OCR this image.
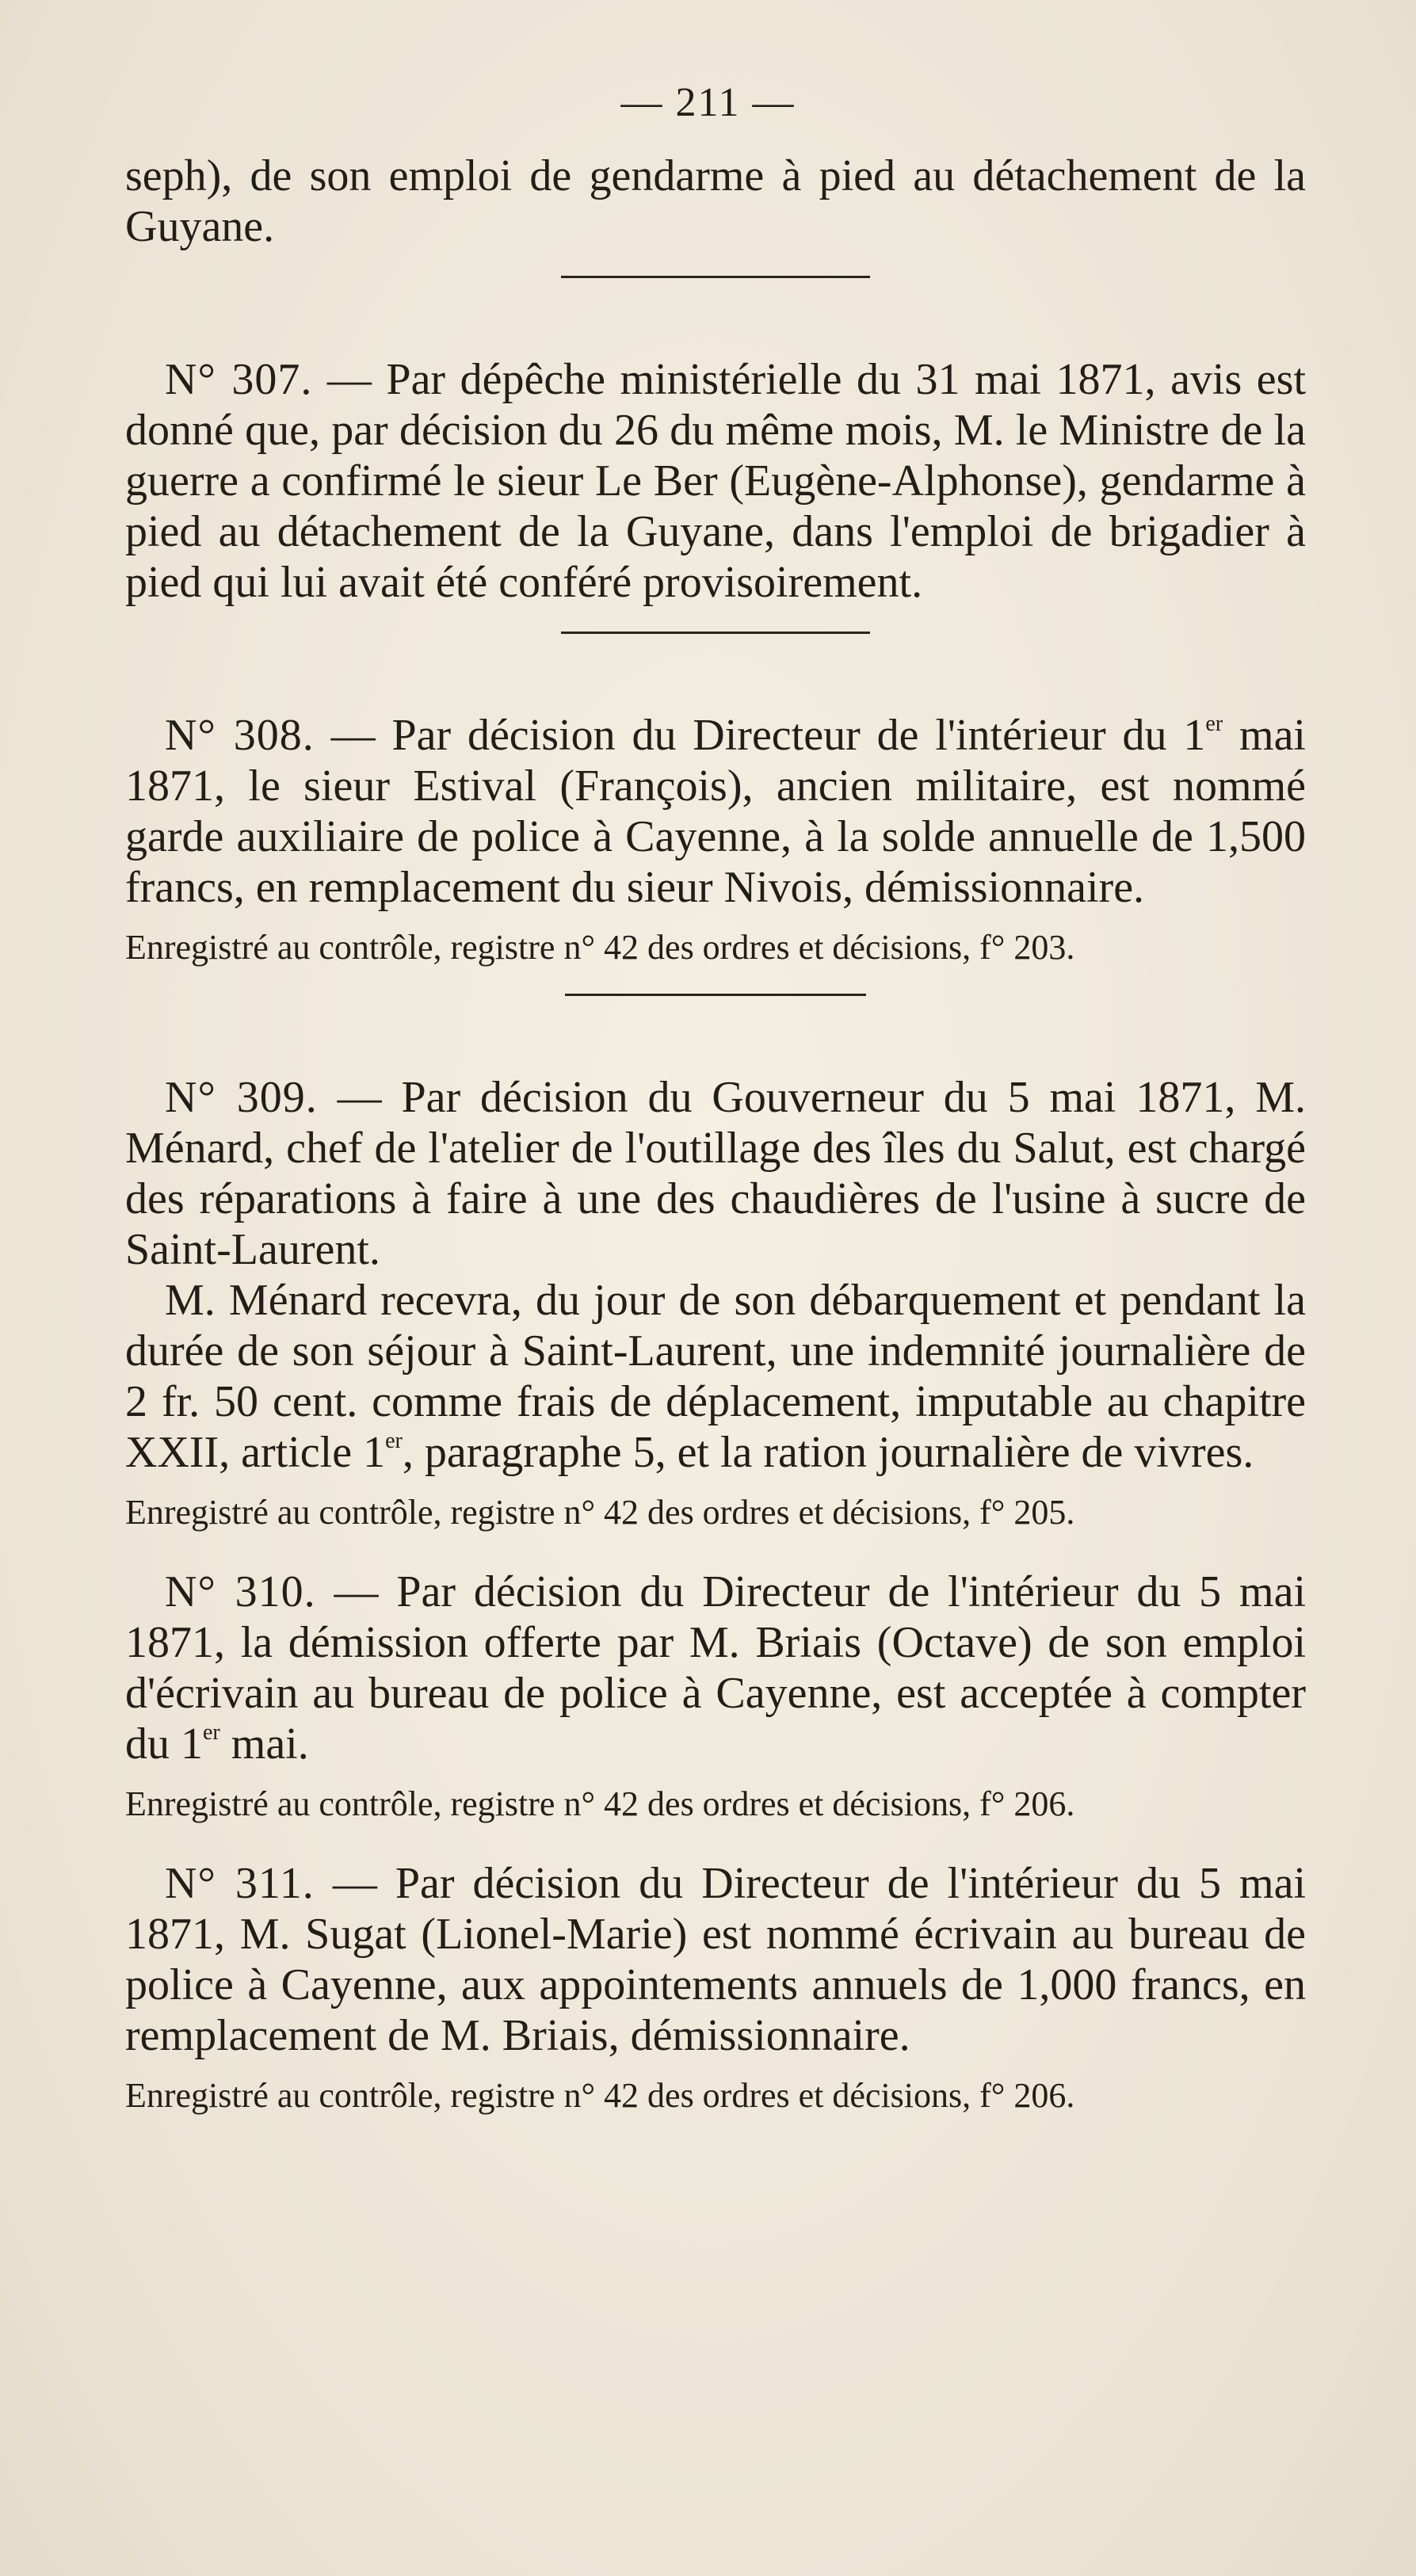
— 211 —

seph), de son emploi de gendarme à pied au détachement de la Guyane.

N° 307. — Par dépêche ministérielle du 31 mai 1871, avis est donné que, par décision du 26 du même mois, M. le Ministre de la guerre a confirmé le sieur Le Ber (Eugène-Alphonse), gendarme à pied au détachement de la Guyane, dans l'emploi de brigadier à pied qui lui avait été conféré provisoirement.

N° 308. — Par décision du Directeur de l'intérieur du 1er mai 1871, le sieur Estival (François), ancien militaire, est nommé garde auxiliaire de police à Cayenne, à la solde annuelle de 1,500 francs, en remplacement du sieur Nivois, démissionnaire.

Enregistré au contrôle, registre n° 42 des ordres et décisions, f° 203.

N° 309. — Par décision du Gouverneur du 5 mai 1871, M. Ménard, chef de l'atelier de l'outillage des îles du Salut, est chargé des réparations à faire à une des chaudières de l'usine à sucre de Saint-Laurent.

M. Ménard recevra, du jour de son débarquement et pendant la durée de son séjour à Saint-Laurent, une indemnité journalière de 2 fr. 50 cent. comme frais de déplacement, imputable au chapitre XXII, article 1er, paragraphe 5, et la ration journalière de vivres.

Enregistré au contrôle, registre n° 42 des ordres et décisions, f° 205.

N° 310. — Par décision du Directeur de l'intérieur du 5 mai 1871, la démission offerte par M. Briais (Octave) de son emploi d'écrivain au bureau de police à Cayenne, est acceptée à compter du 1er mai.

Enregistré au contrôle, registre n° 42 des ordres et décisions, f° 206.

N° 311. — Par décision du Directeur de l'intérieur du 5 mai 1871, M. Sugat (Lionel-Marie) est nommé écrivain au bureau de police à Cayenne, aux appointements annuels de 1,000 francs, en remplacement de M. Briais, démissionnaire.

Enregistré au contrôle, registre n° 42 des ordres et décisions, f° 206.
